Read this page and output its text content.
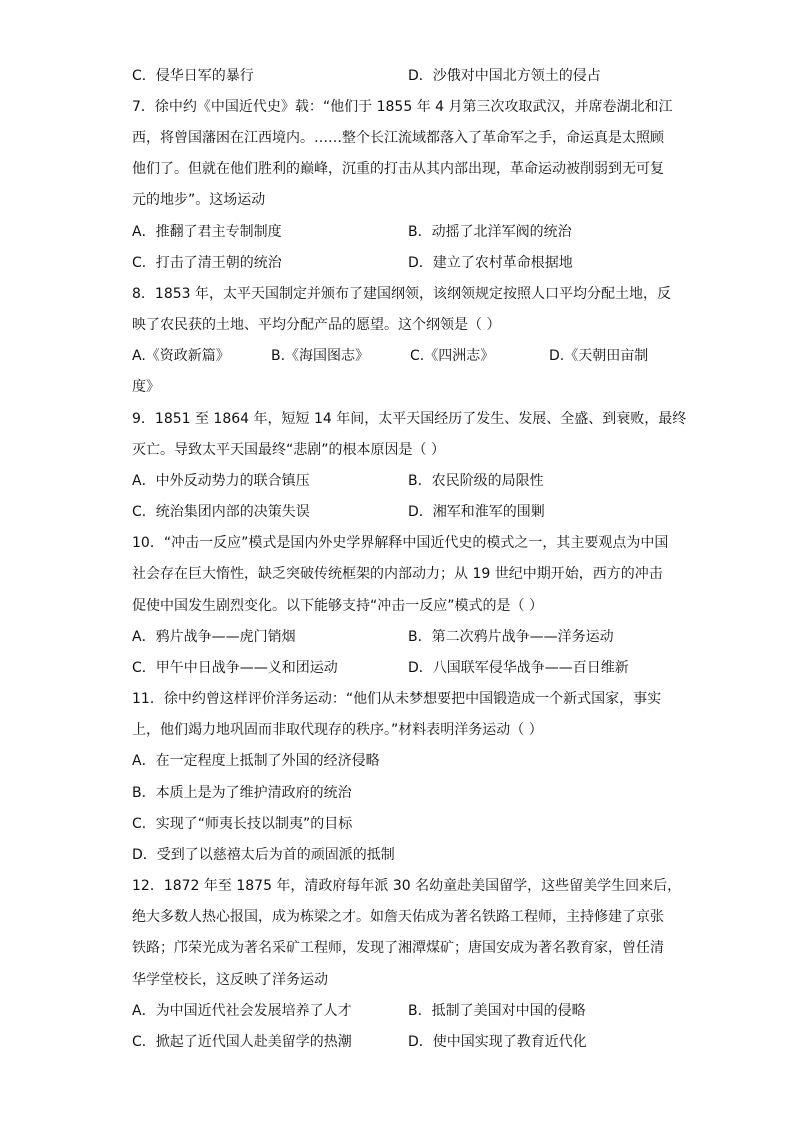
C．侵华日军的暴行	D．沙俄对中国北方领土的侵占
7．徐中约《中国近代史》载：“他们于 1855 年 4 月第三次攻取武汉，并席卷湖北和江
西，将曾国藩困在江西境内。……整个长江流域都落入了革命军之手，命运真是太照顾
他们了。但就在他们胜利的巅峰，沉重的打击从其内部出现，革命运动被削弱到无可复
元的地步”。这场运动
A．推翻了君主专制制度	B．动摇了北洋军阀的统治
C．打击了清王朝的统治	D．建立了农村革命根据地
8．1853 年，太平天国制定并颁布了建国纲领，该纲领规定按照人口平均分配土地，反
映了农民获的土地、平均分配产品的愿望。这个纲领是（ ）
A.《资政新篇》	B.《海国图志》	C.《四洲志》	D.《天朝田亩制
度》
9．1851 至 1864 年，短短 14 年间，太平天国经历了发生、发展、全盛、到衰败，最终
灭亡。导致太平天国最终“悲剧”的根本原因是（ ）
A．中外反动势力的联合镇压	B．农民阶级的局限性
C．统治集团内部的决策失误	D．湘军和淮军的围剿
10．“冲击一反应”模式是国内外史学界解释中国近代史的模式之一，其主要观点为中国
社会存在巨大惰性，缺乏突破传统框架的内部动力；从 19 世纪中期开始，西方的冲击
促使中国发生剧烈变化。以下能够支持“冲击一反应”模式的是（ ）
A．鸦片战争——虎门销烟	B．第二次鸦片战争——洋务运动
C．甲午中日战争——义和团运动	D．八国联军侵华战争——百日维新
11．徐中约曾这样评价洋务运动：“他们从未梦想要把中国锻造成一个新式国家，事实
上，他们竭力地巩固而非取代现存的秩序。”材料表明洋务运动（ ）
A．在一定程度上抵制了外国的经济侵略
B．本质上是为了维护清政府的统治
C．实现了“师夷长技以制夷”的目标
D．受到了以慈禧太后为首的顽固派的抵制
12．1872 年至 1875 年，清政府每年派 30 名幼童赴美国留学，这些留美学生回来后，
绝大多数人热心报国，成为栋梁之才。如詹天佑成为著名铁路工程师，主持修建了京张
铁路；邝荣光成为著名采矿工程师，发现了湘潭煤矿；唐国安成为著名教育家，曾任清
华学堂校长，这反映了洋务运动
A．为中国近代社会发展培养了人才	B．抵制了美国对中国的侵略
C．掀起了近代国人赴美留学的热潮	D．使中国实现了教育近代化
